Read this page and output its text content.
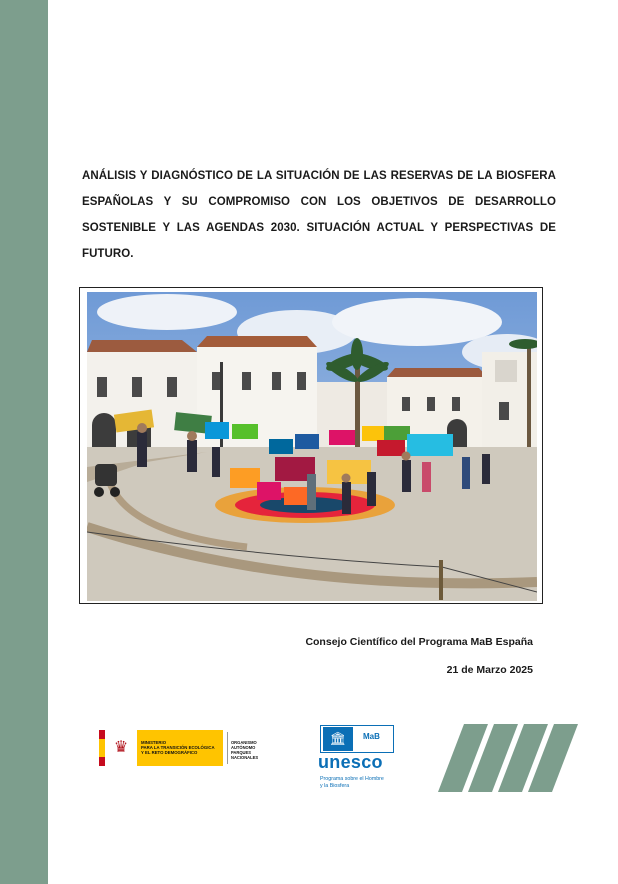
ANÁLISIS Y DIAGNÓSTICO DE LA SITUACIÓN DE LAS RESERVAS DE LA BIOSFERA ESPAÑOLAS Y SU COMPROMISO CON LOS OBJETIVOS DE DESARROLLO SOSTENIBLE Y LAS AGENDAS 2030. SITUACIÓN ACTUAL Y PERSPECTIVAS DE FUTURO.
Consejo Científico del Programa MaB España
21 de Marzo 2025
♛	MINISTERIO
PARA LA TRANSICIÓN ECOLÓGICA
Y EL RETO DEMOGRÁFICO
ORGANISMO
AUTÓNOMO
PARQUES
NACIONALES
🏛	MaB
unesco
Programa sobre el Hombre
y la Biosfera
